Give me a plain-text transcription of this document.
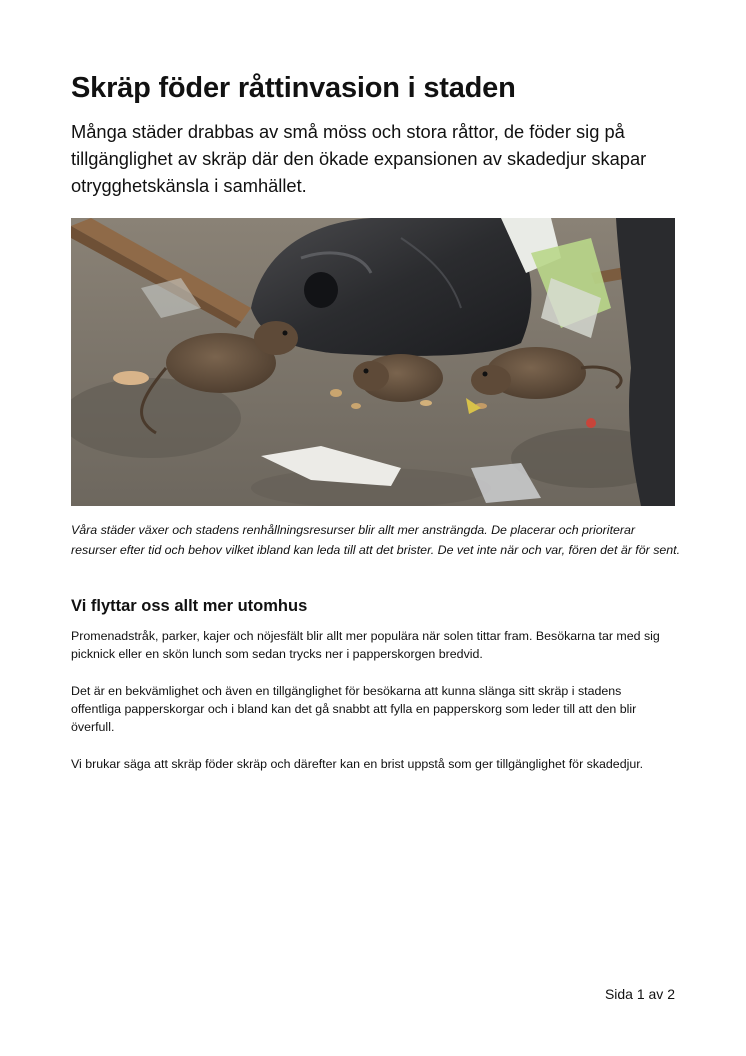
Skräp föder råttinvasion i staden

Många städer drabbas av små möss och stora råttor, de föder sig på tillgänglighet av skräp där den ökade expansionen av skadedjur skapar otrygghetskänsla i samhället.

Våra städer växer och stadens renhållningsresurser blir allt mer ansträngda. De placerar och prioriterar resurser efter tid och behov vilket ibland kan leda till att det brister. De vet inte när och var, fören det är för sent.

Vi flyttar oss allt mer utomhus

Promenadstråk, parker, kajer och nöjesfält blir allt mer populära när solen tittar fram. Besökarna tar med sig picknick eller en skön lunch som sedan trycks ner i papperskorgen bredvid.

Det är en bekvämlighet och även en tillgänglighet för besökarna att kunna slänga sitt skräp i stadens offentliga papperskorgar och i bland kan det gå snabbt att fylla en papperskorg som leder till att den blir överfull.

Vi brukar säga att skräp föder skräp och därefter kan en brist uppstå som ger tillgänglighet för skadedjur.

Sida 1 av 2
